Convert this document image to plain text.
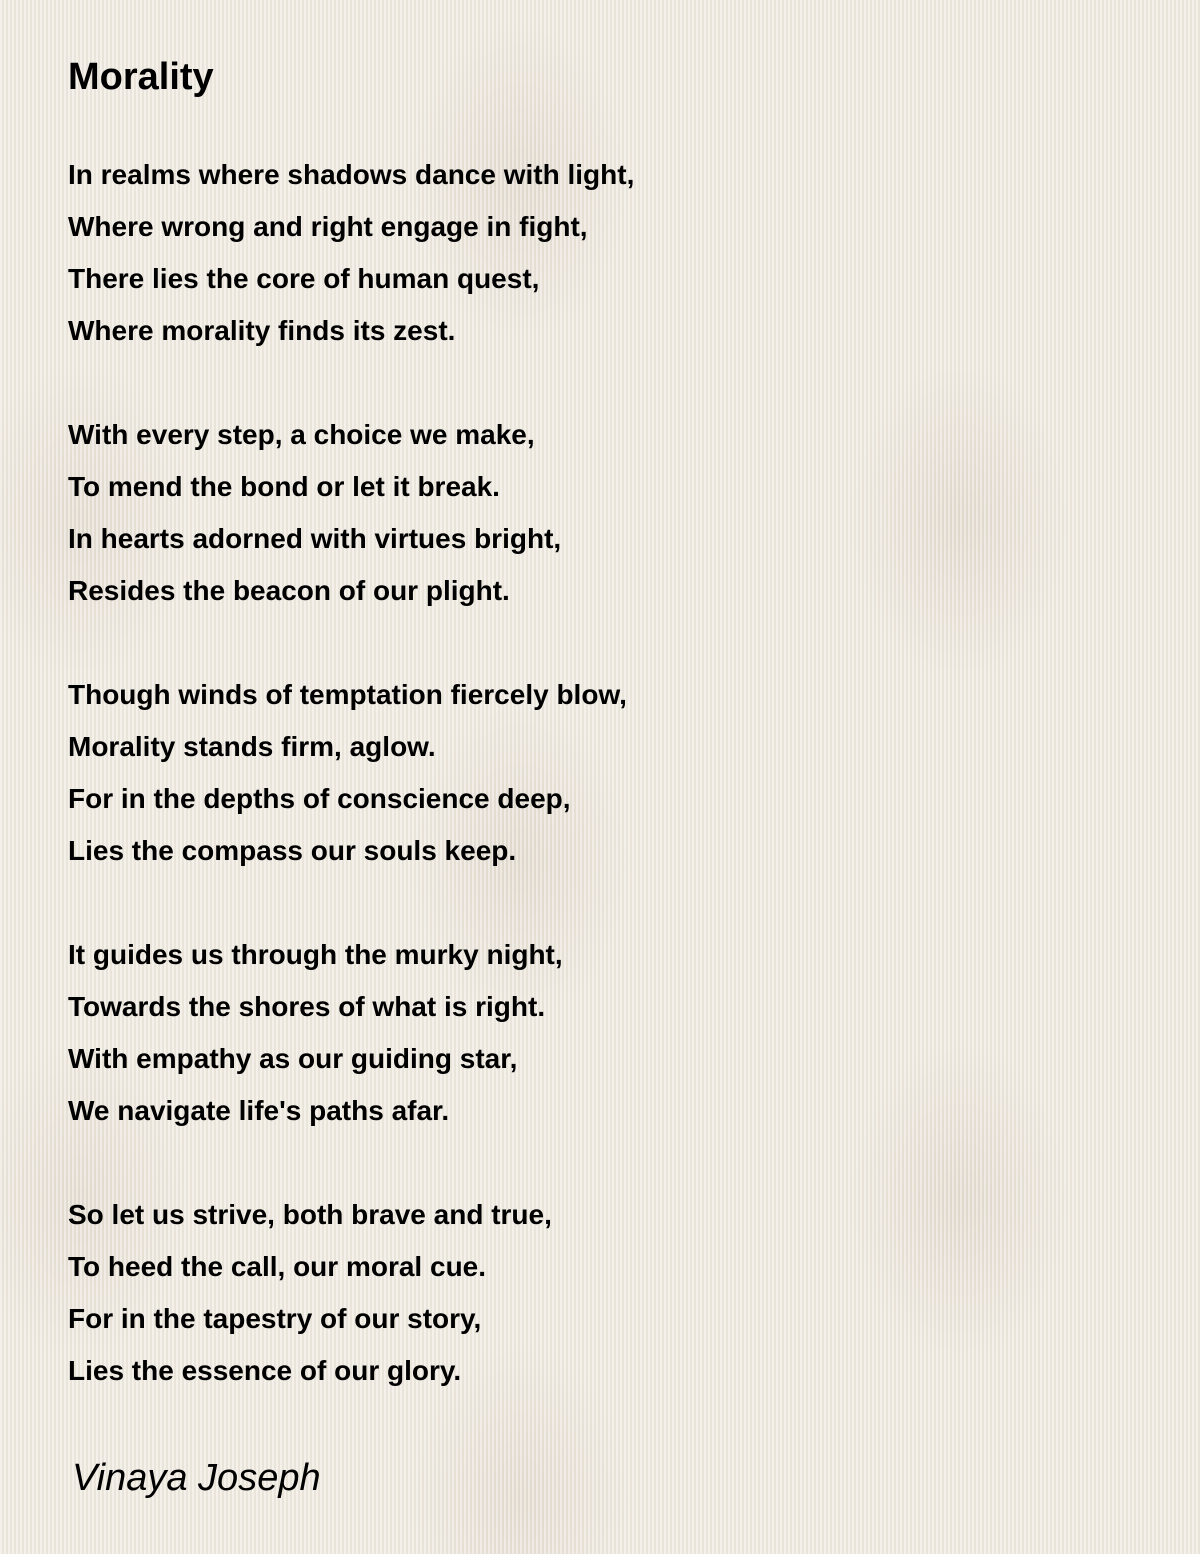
Morality
In realms where shadows dance with light,
Where wrong and right engage in fight,
There lies the core of human quest,
Where morality finds its zest.
With every step, a choice we make,
To mend the bond or let it break.
In hearts adorned with virtues bright,
Resides the beacon of our plight.
Though winds of temptation fiercely blow,
Morality stands firm, aglow.
For in the depths of conscience deep,
Lies the compass our souls keep.
It guides us through the murky night,
Towards the shores of what is right.
With empathy as our guiding star,
We navigate life's paths afar.
So let us strive, both brave and true,
To heed the call, our moral cue.
For in the tapestry of our story,
Lies the essence of our glory.

Vinaya Joseph
